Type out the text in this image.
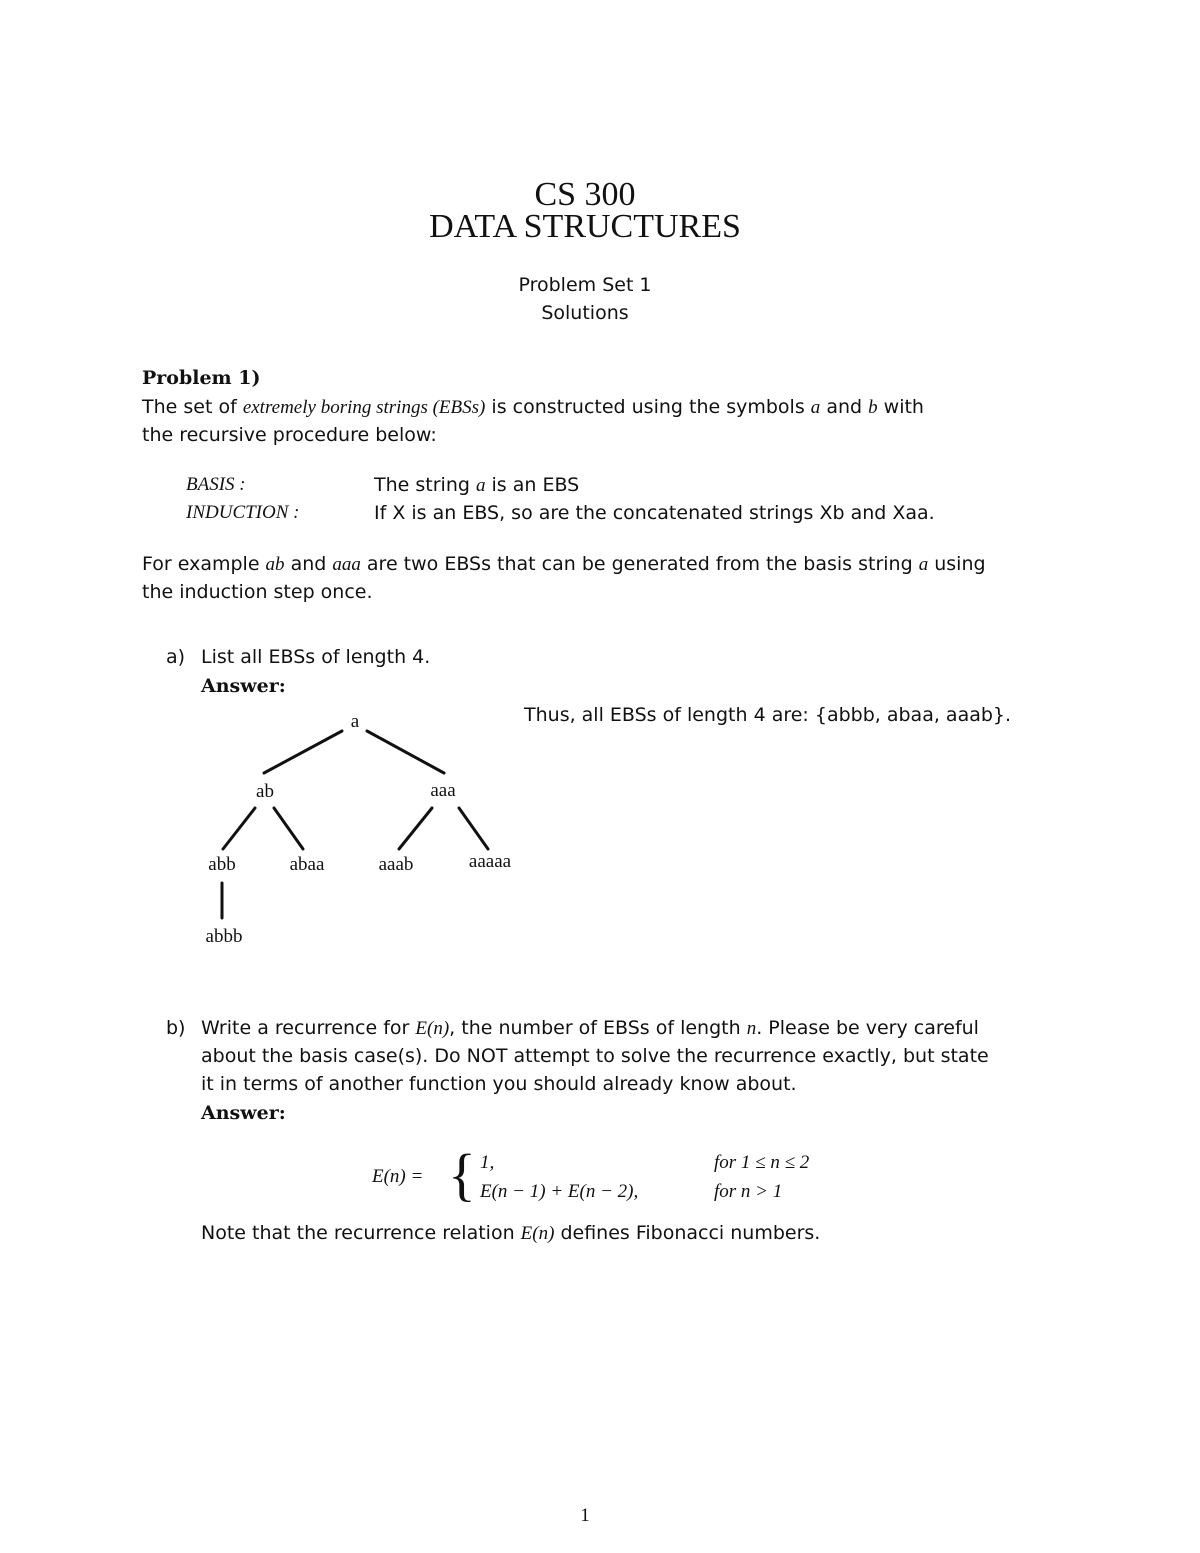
CS 300
DATA STRUCTURES
Problem Set 1
Solutions
Problem 1)
The set of extremely boring strings (EBSs) is constructed using the symbols a and b with
the recursive procedure below:
BASIS :	The string a is an EBS
INDUCTION :	If X is an EBS, so are the concatenated strings Xb and Xaa.
For example ab and aaa are two EBSs that can be generated from the basis string a using
the induction step once.
a) List all EBSs of length 4.
Answer:
Thus, all EBSs of length 4 are: {abbb, abaa, aaab}.
a
ab	aaa
abb	abaa	aaab	aaaaa
abbb
b) Write a recurrence for E(n), the number of EBSs of length n. Please be very careful
about the basis case(s). Do NOT attempt to solve the recurrence exactly, but state
it in terms of another function you should already know about.
Answer:
E(n) = { 1,	for 1 ≤ n ≤ 2
E(n − 1) + E(n − 2),	for n > 1
Note that the recurrence relation E(n) defines Fibonacci numbers.
1
